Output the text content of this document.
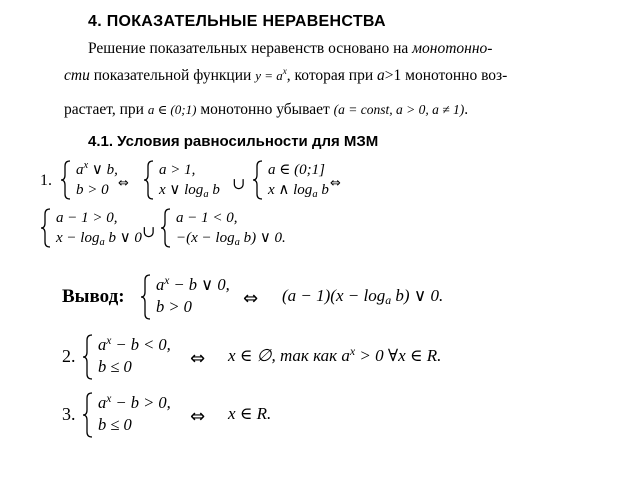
4. ПОКАЗАТЕЛЬНЫЕ НЕРАВЕНСТВА
Решение показательных неравенств основано на монотонно-
сти показательной функции $y = a^x$, которая при a>1 монотонно воз-
растает, при a ∈ (0;1) монотонно убывает (a = const, a > 0, a ≠ 1).
4.1. Условия равносильности для МЗМ
1.
$a^x$ ∨ b,
b > 0 ⇔
a > 1,
x ∨ $\log_a b$ ∪
a ∈ (0;1]
x ∧ $\log_a b$ ⇔
a − 1 > 0,
$x - \log_a b$ ∨ 0 ∪
a − 1 < 0,
$-(x - \log_a b)$ ∨ 0.
Вывод:
$a^x - b$ ∨ 0,
b > 0	⇔ $(a - 1)(x - \log_a b)$ ∨ 0.
2.
$a^x - b < 0$,
b ≤ 0	⇔ x ∈ ∅, так как $a^x > 0$ ∀x ∈ R.
3.
$a^x - b > 0$,
b ≤ 0	⇔ x ∈ R.
